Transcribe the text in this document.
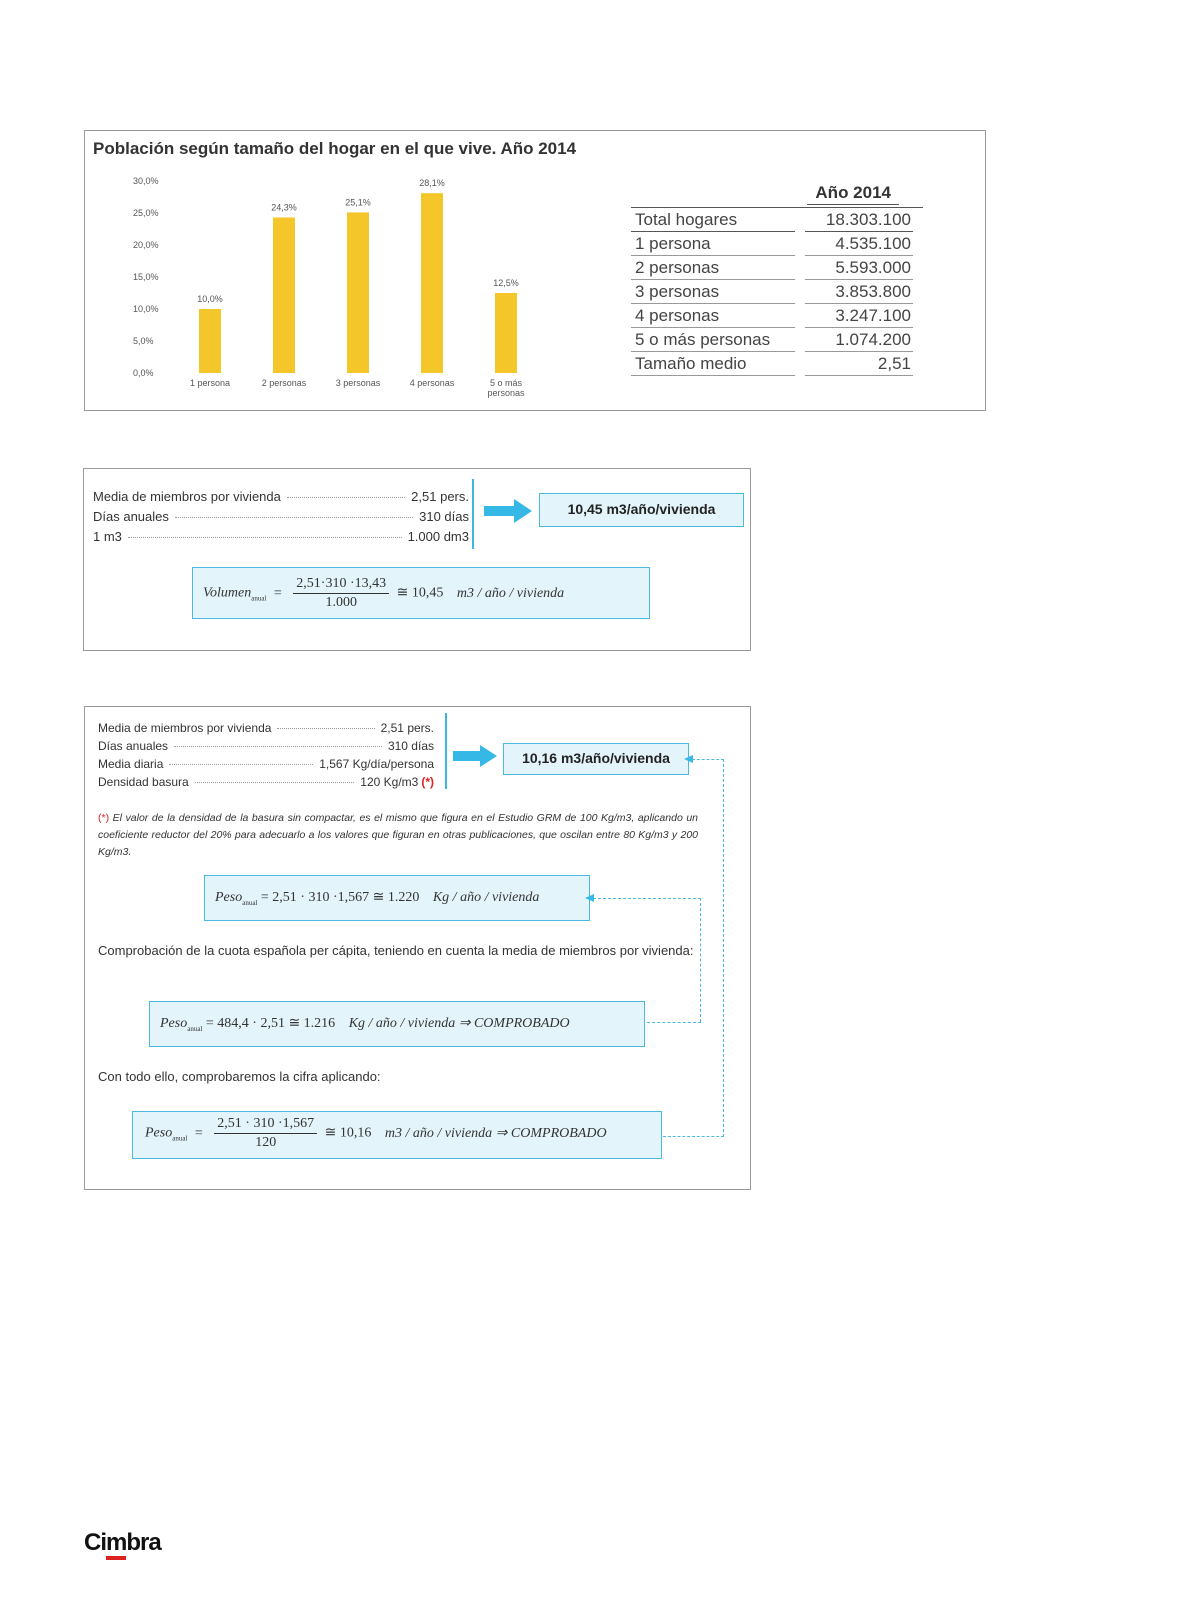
Población según tamaño del hogar en el que vive. Año 2014
0,0%
5,0%
10,0%
15,0%
20,0%
25,0%
30,0%
10,0%
1 persona
24,3%
2 personas
25,1%
3 personas
28,1%
4 personas
12,5%
5 o más
personas
Año 2014
Total hogares	18.303.100
1 persona	4.535.100
2 personas	5.593.000
3 personas	3.853.800
4 personas	3.247.100
5 o más personas	1.074.200
Tamaño medio	2,51
Media de miembros por vivienda	2,51 pers.
Días anuales	310 días
1 m3	1.000 dm3
10,45 m3/año/vivienda
Volumen$_{anual}$ = $\frac{2,51\cdot 310 \cdot 13,43}{1.000}$ ≅ 10,45 m3 / año / vivienda
Media de miembros por vivienda	2,51 pers.
Días anuales	310 días
Media diaria	1,567 Kg/día/persona
Densidad basura	120 Kg/m3 (*)
10,16 m3/año/vivienda
(*) El valor de la densidad de la basura sin compactar, es el mismo que figura en el Estudio GRM de 100 Kg/m3, aplicando un coeficiente reductor del 20% para adecuarlo a los valores que figuran en otras publicaciones, que oscilan entre 80 Kg/m3 y 200 Kg/m3.
Peso$_{anual}$ = 2,51 · 310 ·1,567 ≅ 1.220 Kg / año / vivienda
Comprobación de la cuota española per cápita, teniendo en cuenta la media de miembros por vivienda:
Peso$_{anual}$ = 484,4 · 2,51 ≅ 1.216 Kg / año / vivienda ⇒ COMPROBADO
Con todo ello, comprobaremos la cifra aplicando:
Peso$_{anual}$ = $\frac{2,51 \cdot 310 \cdot 1,567}{120}$ ≅ 10,16 m3 / año / vivienda ⇒ COMPROBADO
Cimbra
